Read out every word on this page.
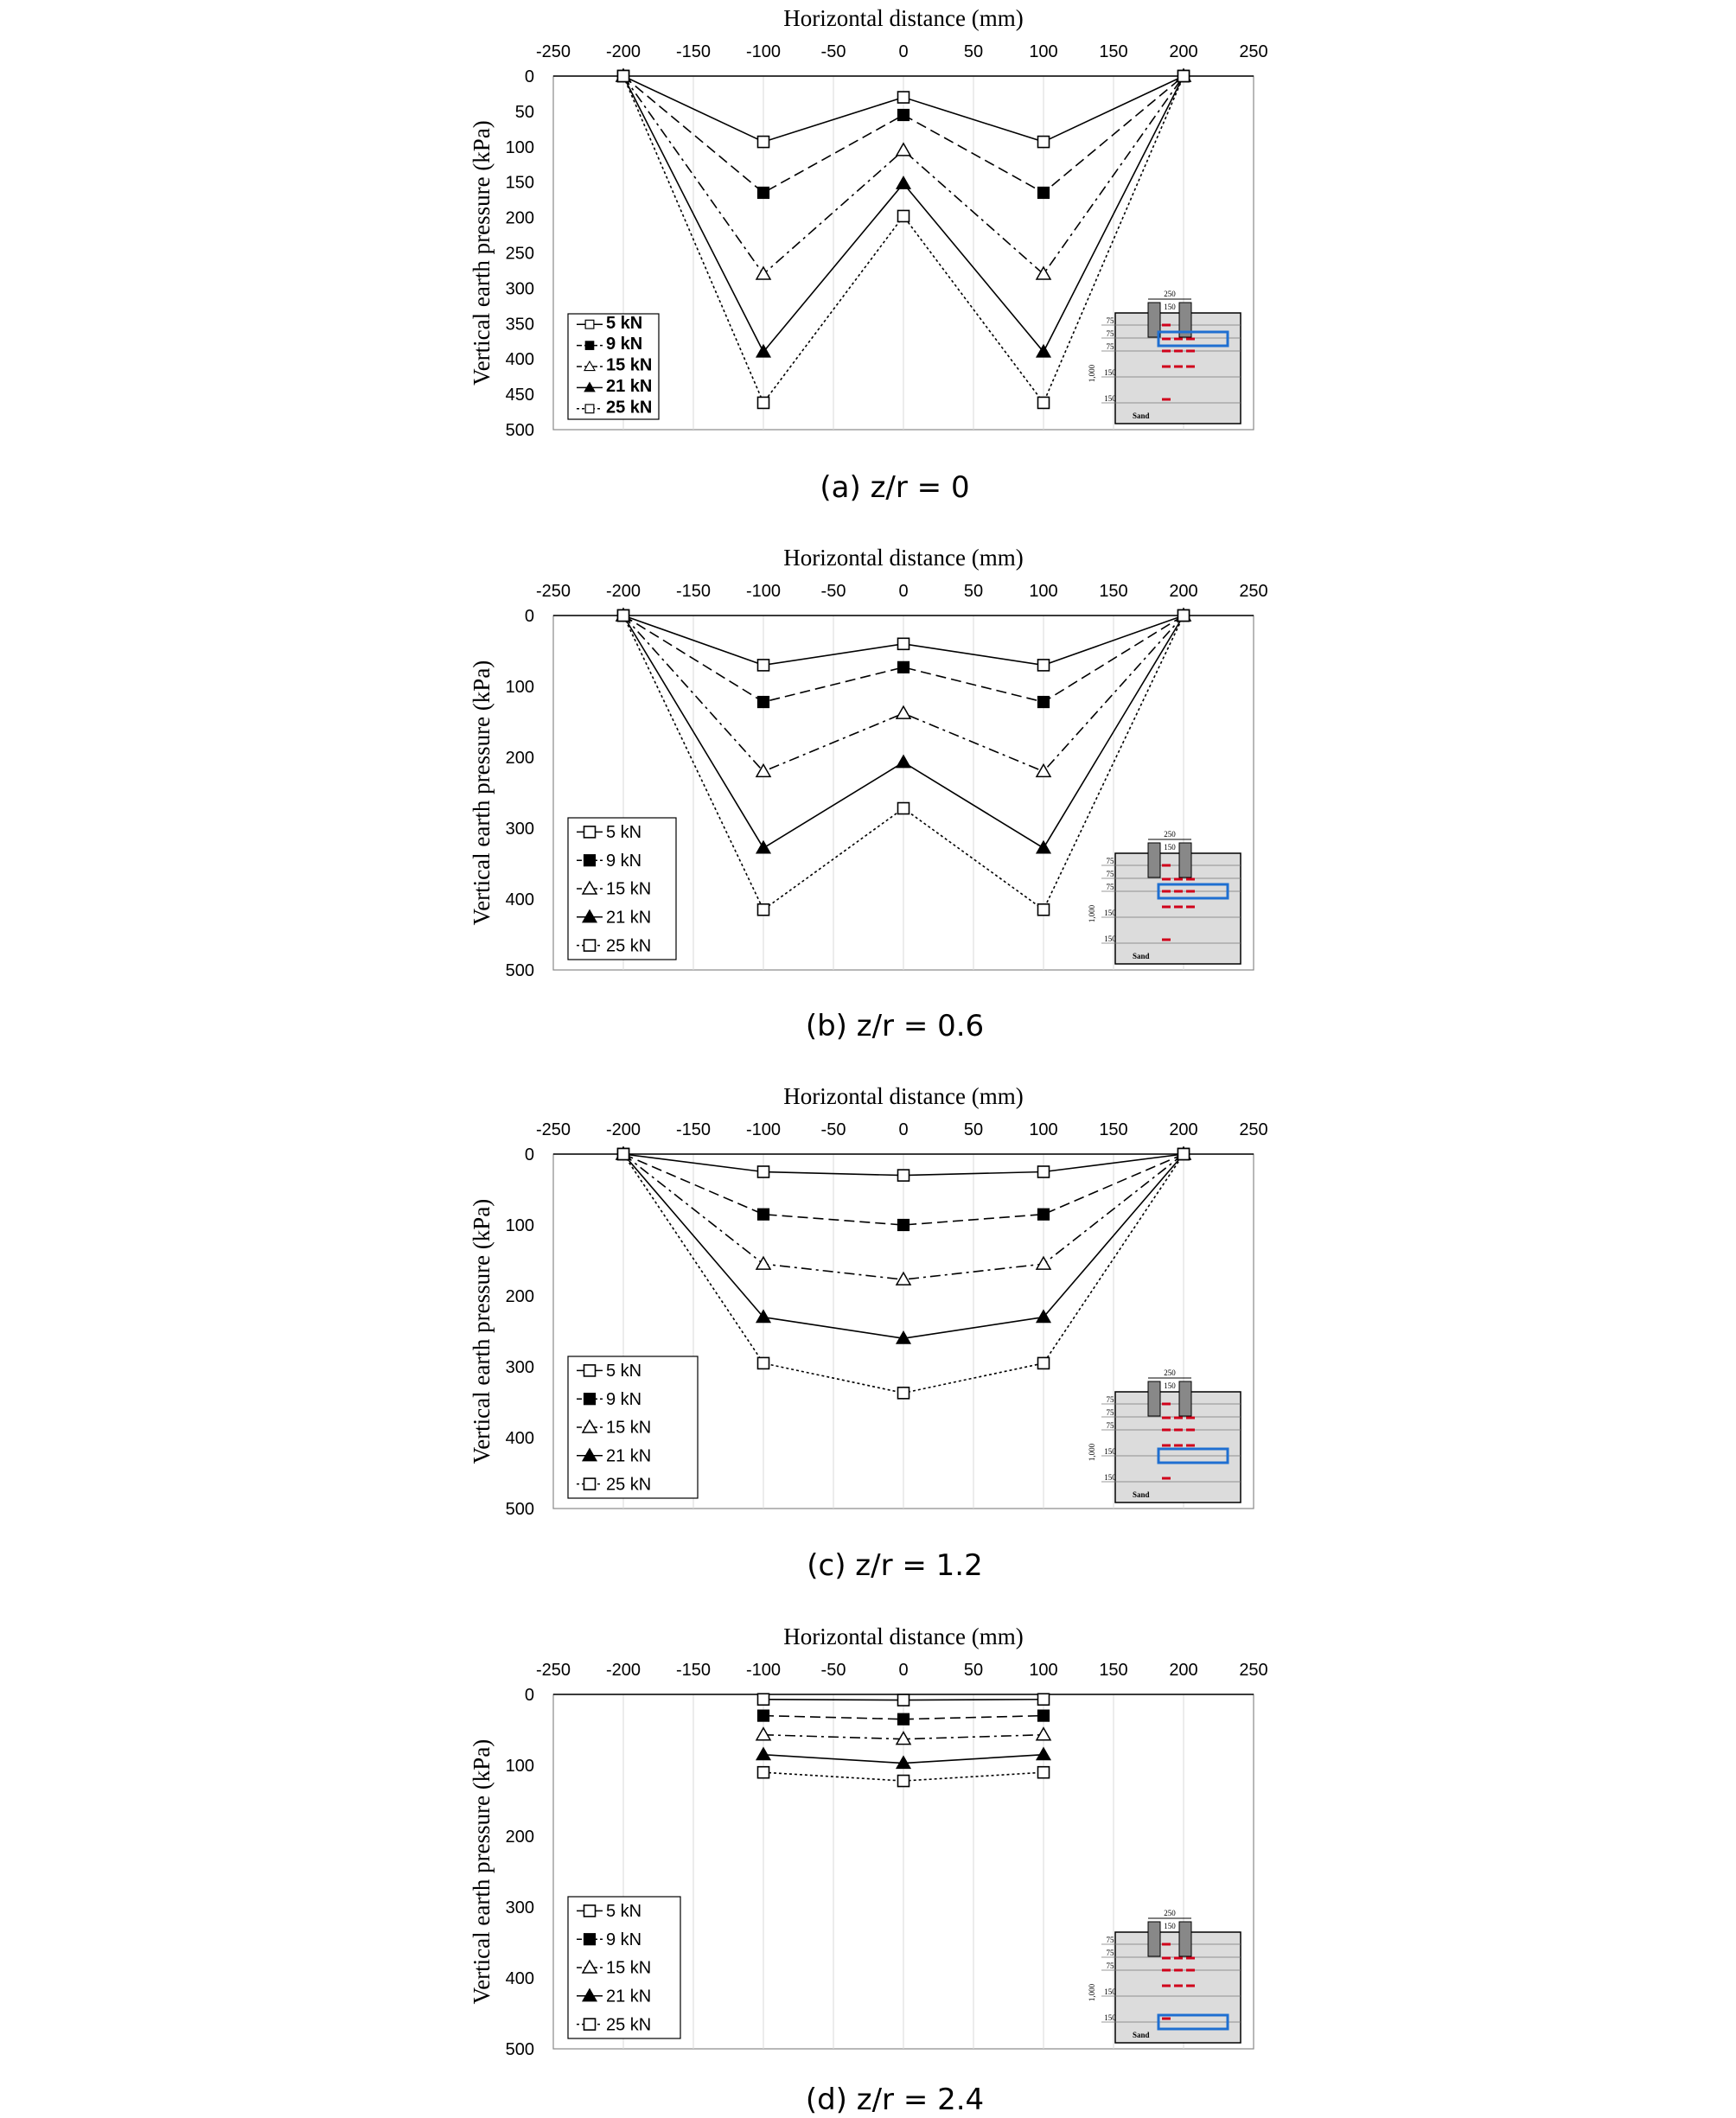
Horizontal distance (mm)
-250 -200 -150 -100 -50	0	50	100 150 200 250
0
50
100
150
200
250
300
350
400
450
500
Vertical earth pressure (kPa)	5 kN
9 kN
15 kN
21 kN
25 kN
250
150
1,000
75
75
75
150
150
Sand
(a) z/r = 0
Horizontal distance (mm)
-250 -200 -150 -100 -50	0	50	100 150 200 250
0
100
200
300
400
500
Vertical earth pressure (kPa)	5 kN
9 kN
15 kN
21 kN
25 kN
250
150
1,000
75
75
75
150
150
Sand
(b) z/r = 0.6
Horizontal distance (mm)
-250 -200 -150 -100 -50	0	50	100 150 200 250
0
100
200
300
400
500
Vertical earth pressure (kPa)	5 kN
9 kN
15 kN
21 kN
25 kN
250
150
1,000
75
75
75
150
150
Sand
(c) z/r = 1.2
Horizontal distance (mm)
-250 -200 -150 -100 -50	0	50	100 150 200 250
0
100
200
300
400
500
Vertical earth pressure (kPa)	5 kN
9 kN
15 kN
21 kN
25 kN
250
150
1,000
75
75
75
150
150
Sand
(d) z/r = 2.4
